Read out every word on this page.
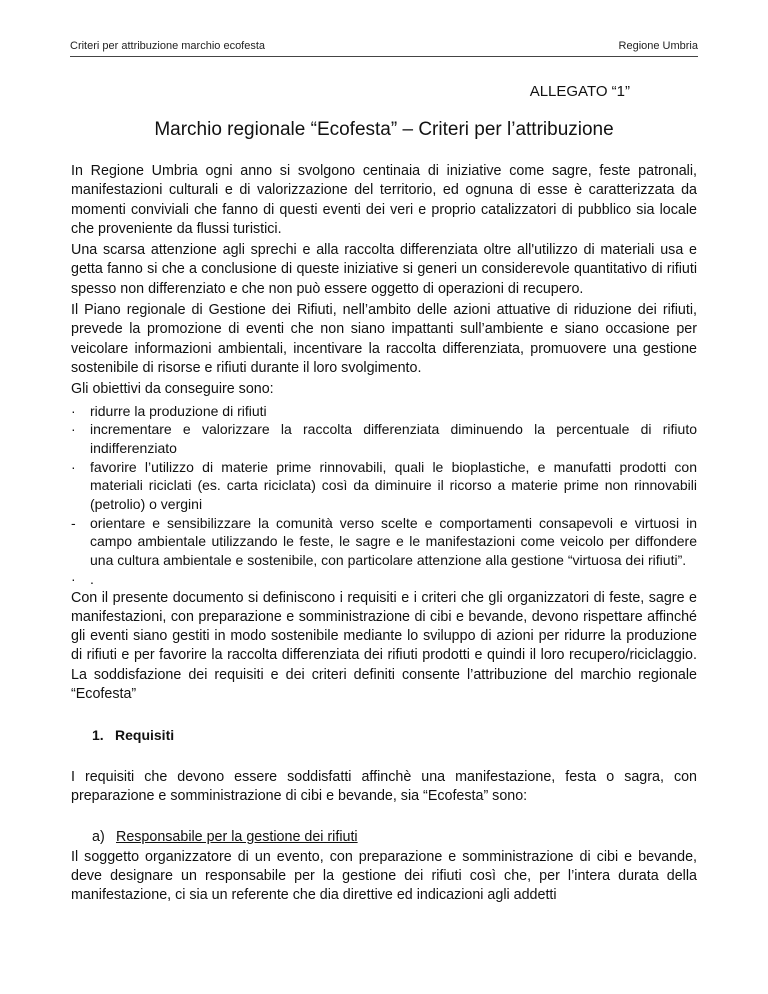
Criteri per attribuzione marchio ecofesta	Regione Umbria
ALLEGATO “1”
Marchio regionale “Ecofesta” – Criteri per l’attribuzione

In Regione Umbria ogni anno si svolgono centinaia di iniziative come sagre, feste patronali, manifestazioni culturali e di valorizzazione del territorio, ed ognuna di esse è caratterizzata da momenti conviviali che fanno di questi eventi dei veri e proprio catalizzatori di pubblico sia locale che proveniente da flussi turistici.

Una scarsa attenzione agli sprechi e alla raccolta differenziata oltre all'utilizzo di materiali usa e getta fanno si che a conclusione di queste iniziative si generi un considerevole quantitativo di rifiuti spesso non differenziato e che non può essere oggetto di operazioni di recupero.

Il Piano regionale di Gestione dei Rifiuti, nell’ambito delle azioni attuative di riduzione dei rifiuti, prevede la promozione di eventi che non siano impattanti sull’ambiente e siano occasione per veicolare informazioni ambientali, incentivare la raccolta differenziata, promuovere una gestione sostenibile di risorse e rifiuti durante il loro svolgimento.

Gli obiettivi da conseguire sono:

·	ridurre la produzione di rifiuti
·	incrementare e valorizzare la raccolta differenziata diminuendo la percentuale di rifiuto indifferenziato
·	favorire l’utilizzo di materie prime rinnovabili, quali le bioplastiche, e manufatti prodotti con materiali riciclati (es. carta riciclata) così da diminuire il ricorso a materie prime non rinnovabili (petrolio) o vergini
-	orientare e sensibilizzare la comunità verso scelte e comportamenti consapevoli e virtuosi in campo ambientale utilizzando le feste, le sagre e le manifestazioni come veicolo per diffondere una cultura ambientale e sostenibile, con particolare attenzione alla gestione “virtuosa dei rifiuti”.
·	.

Con il presente documento si definiscono i requisiti e i criteri che gli organizzatori di feste, sagre e manifestazioni, con preparazione e somministrazione di cibi e bevande, devono rispettare affinché gli eventi siano gestiti in modo sostenibile mediante lo sviluppo di azioni per ridurre la produzione di rifiuti e per favorire la raccolta differenziata dei rifiuti prodotti e quindi il loro recupero/riciclaggio. La soddisfazione dei requisiti e dei criteri definiti consente l’attribuzione del marchio regionale “Ecofesta”

1. Requisiti

I requisiti che devono essere soddisfatti affinchè una manifestazione, festa o sagra, con preparazione e somministrazione di cibi e bevande, sia “Ecofesta” sono:

a) Responsabile per la gestione dei rifiuti

Il soggetto organizzatore di un evento, con preparazione e somministrazione di cibi e bevande, deve designare un responsabile per la gestione dei rifiuti così che, per l’intera durata della manifestazione, ci sia un referente che dia direttive ed indicazioni agli addetti
